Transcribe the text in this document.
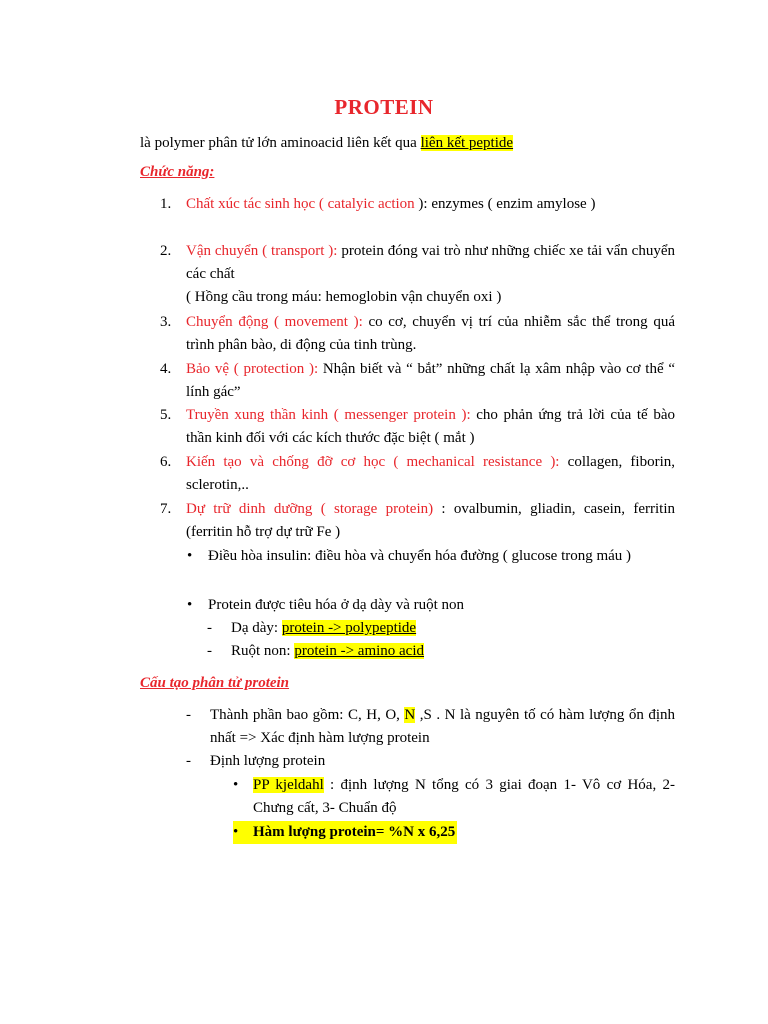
PROTEIN
là polymer phân tử lớn aminoacid liên kết qua liên kết peptide
Chức năng:
1. Chất xúc tác sinh học ( catalyic action ): enzymes ( enzim amylose )
2. Vận chuyển ( transport ): protein đóng vai trò như những chiếc xe tải vẩn chuyển các chất
( Hồng cầu trong máu: hemoglobin vận chuyển oxi )
3. Chuyển động ( movement ): co cơ, chuyển vị trí của nhiễm sắc thể trong quá trình phân bào, di động của tinh trùng.
4. Bảo vệ ( protection ): Nhận biết và “ bắt” những chất lạ xâm nhập vào cơ thể “ lính gác”
5. Truyền xung thần kinh ( messenger protein ): cho phản ứng trả lời của tế bào thần kinh đối với các kích thước đặc biệt ( mắt )
6. Kiến tạo và chống đỡ cơ học ( mechanical resistance ): collagen, fiborin, sclerotin,..
7. Dự trữ dinh dưỡng ( storage protein) : ovalbumin, gliadin, casein, ferritin (ferritin hỗ trợ dự trữ Fe )
• Điều hòa insulin: điều hòa và chuyển hóa đường ( glucose trong máu )
• Protein được tiêu hóa ở dạ dày và ruột non
- Dạ dày: protein -> polypeptide
- Ruột non: protein -> amino acid
Cấu tạo phân tử protein
- Thành phần bao gồm: C, H, O, N ,S . N là nguyên tố có hàm lượng ổn định nhất => Xác định hàm lượng protein
- Định lượng protein
• PP kjeldahl : định lượng N tổng có 3 giai đoạn 1- Vô cơ Hóa, 2-Chưng cất, 3- Chuẩn độ
• Hàm lượng protein= %N x 6,25
